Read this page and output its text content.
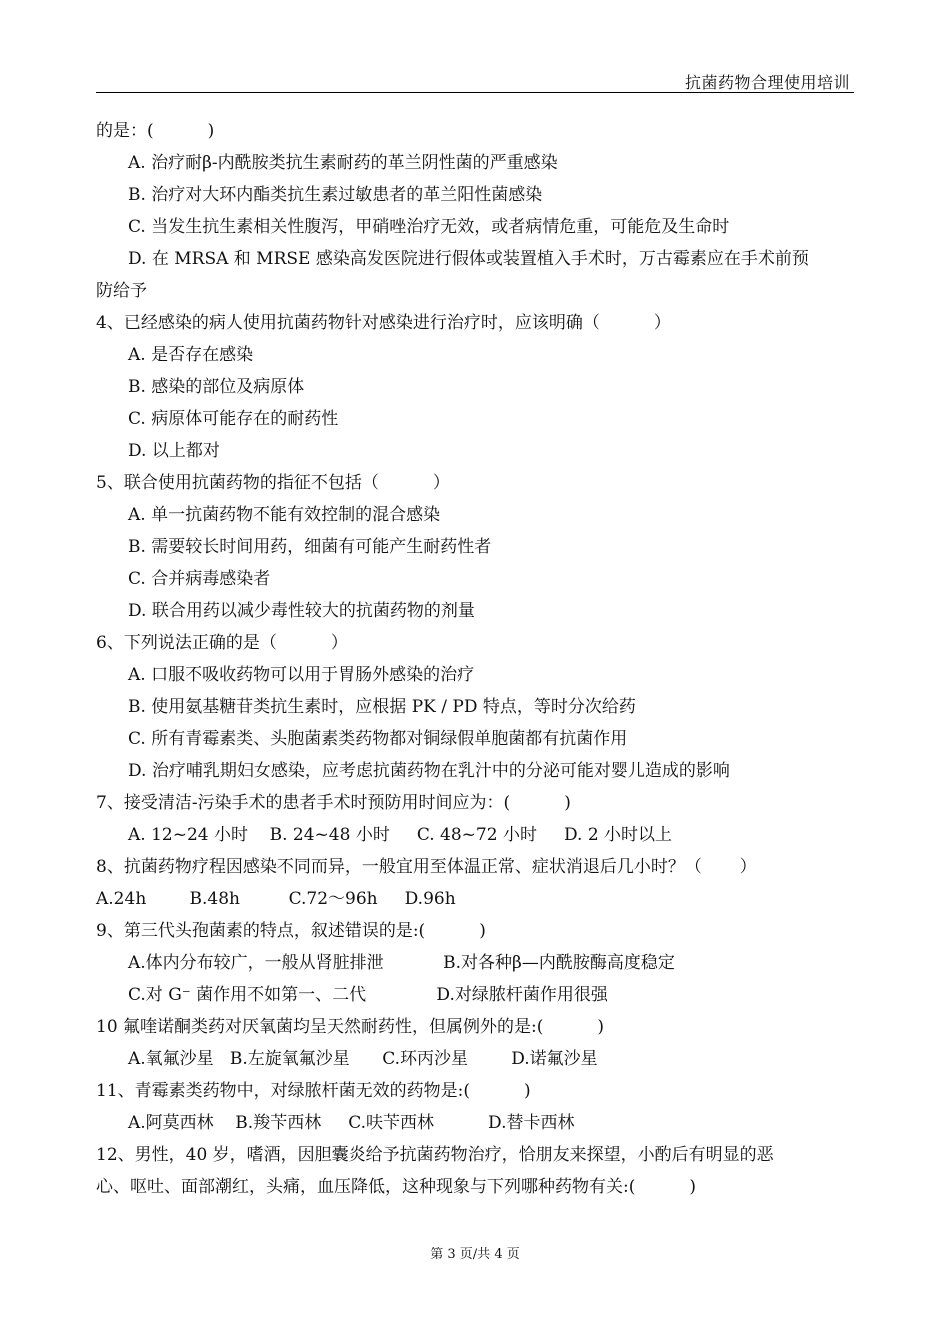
抗菌药物合理使用培训
的是：(          )
A. 治疗耐β-内酰胺类抗生素耐药的革兰阴性菌的严重感染
B. 治疗对大环内酯类抗生素过敏患者的革兰阳性菌感染
C. 当发生抗生素相关性腹泻，甲硝唑治疗无效，或者病情危重，可能危及生命时
D. 在 MRSA 和 MRSE 感染高发医院进行假体或装置植入手术时，万古霉素应在手术前预
防给予
4、已经感染的病人使用抗菌药物针对感染进行治疗时，应该明确（          ）
A. 是否存在感染
B. 感染的部位及病原体
C. 病原体可能存在的耐药性
D. 以上都对
5、联合使用抗菌药物的指征不包括（          ）
A. 单一抗菌药物不能有效控制的混合感染
B. 需要较长时间用药，细菌有可能产生耐药性者
C. 合并病毒感染者
D. 联合用药以减少毒性较大的抗菌药物的剂量
6、下列说法正确的是（          ）
A. 口服不吸收药物可以用于胃肠外感染的治疗
B. 使用氨基糖苷类抗生素时，应根据 PK / PD 特点，等时分次给药
C. 所有青霉素类、头胞菌素类药物都对铜绿假单胞菌都有抗菌作用
D. 治疗哺乳期妇女感染，应考虑抗菌药物在乳汁中的分泌可能对婴儿造成的影响
7、接受清洁-污染手术的患者手术时预防用时间应为：(          )
A. 12~24 小时    B. 24~48 小时     C. 48~72 小时     D. 2 小时以上
8、抗菌药物疗程因感染不同而异，一般宜用至体温正常、症状消退后几小时？（       ）
A.24h        B.48h         C.72～96h     D.96h
9、第三代头孢菌素的特点，叙述错误的是:(          )
A.体内分布较广，一般从肾脏排泄           B.对各种β—内酰胺酶高度稳定
C.对 G⁻ 菌作用不如第一、二代             D.对绿脓杆菌作用很强
10 氟喹诺酮类药对厌氧菌均呈天然耐药性，但属例外的是:(          )
A.氧氟沙星   B.左旋氧氟沙星      C.环丙沙星        D.诺氟沙星
11、青霉素类药物中，对绿脓杆菌无效的药物是:(          )
A.阿莫西林    B.羧苄西林     C.呋苄西林          D.替卡西林
12、男性，40 岁，嗜酒，因胆囊炎给予抗菌药物治疗，恰朋友来探望，小酌后有明显的恶
心、呕吐、面部潮红，头痛，血压降低，这种现象与下列哪种药物有关:(          )
第 3 页/共 4 页
